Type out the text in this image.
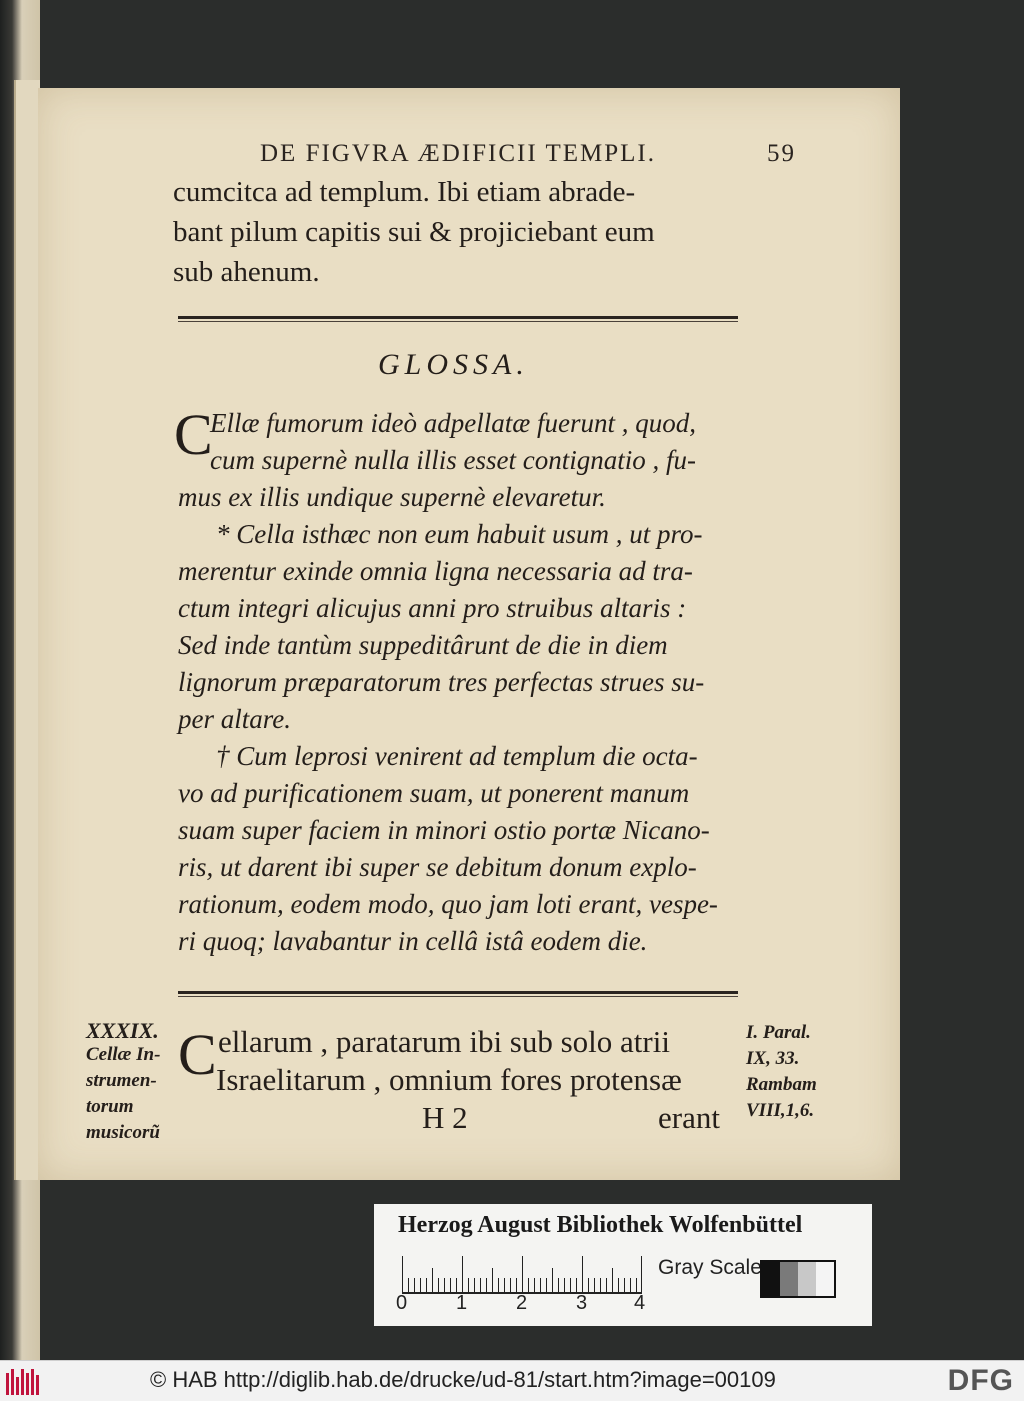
DE FIGVRA ÆDIFICII TEMPLI.	59
cumcitca ad templum. Ibi etiam abrade-
bant pilum capitis sui & projiciebant eum
sub ahenum.
GLOSSA.
C
Ellæ fumorum ideò adpellatæ fuerunt , quod,
cum supernè nulla illis esset contignatio , fu-
mus ex illis undique supernè elevaretur.
* Cella isthæc non eum habuit usum , ut pro-
merentur exinde omnia ligna necessaria ad tra-
ctum integri alicujus anni pro struibus altaris :
Sed inde tantùm suppeditârunt de die in diem
lignorum præparatorum tres perfectas strues su-
per altare.
† Cum leprosi venirent ad templum die octa-
vo ad purificationem suam, ut ponerent manum
suam super faciem in minori ostio portæ Nicano-
ris, ut darent ibi super se debitum donum explo-
rationum, eodem modo, quo jam loti erant, vespe-
ri quoq; lavabantur in cellâ istâ eodem die.
XXXIX.
Cellæ In-
strumen-
torum
musicorũ
C ellarum , paratarum ibi sub solo atrii
Israelitarum , omnium fores protensæ
H 2	erant
I. Paral.
IX, 33.
Rambam
VIII,1,6.
Herzog August Bibliothek Wolfenbüttel
0 1 2 3 4
Gray Scale
© HAB http://diglib.hab.de/drucke/ud-81/start.htm?image=00109	DFG
